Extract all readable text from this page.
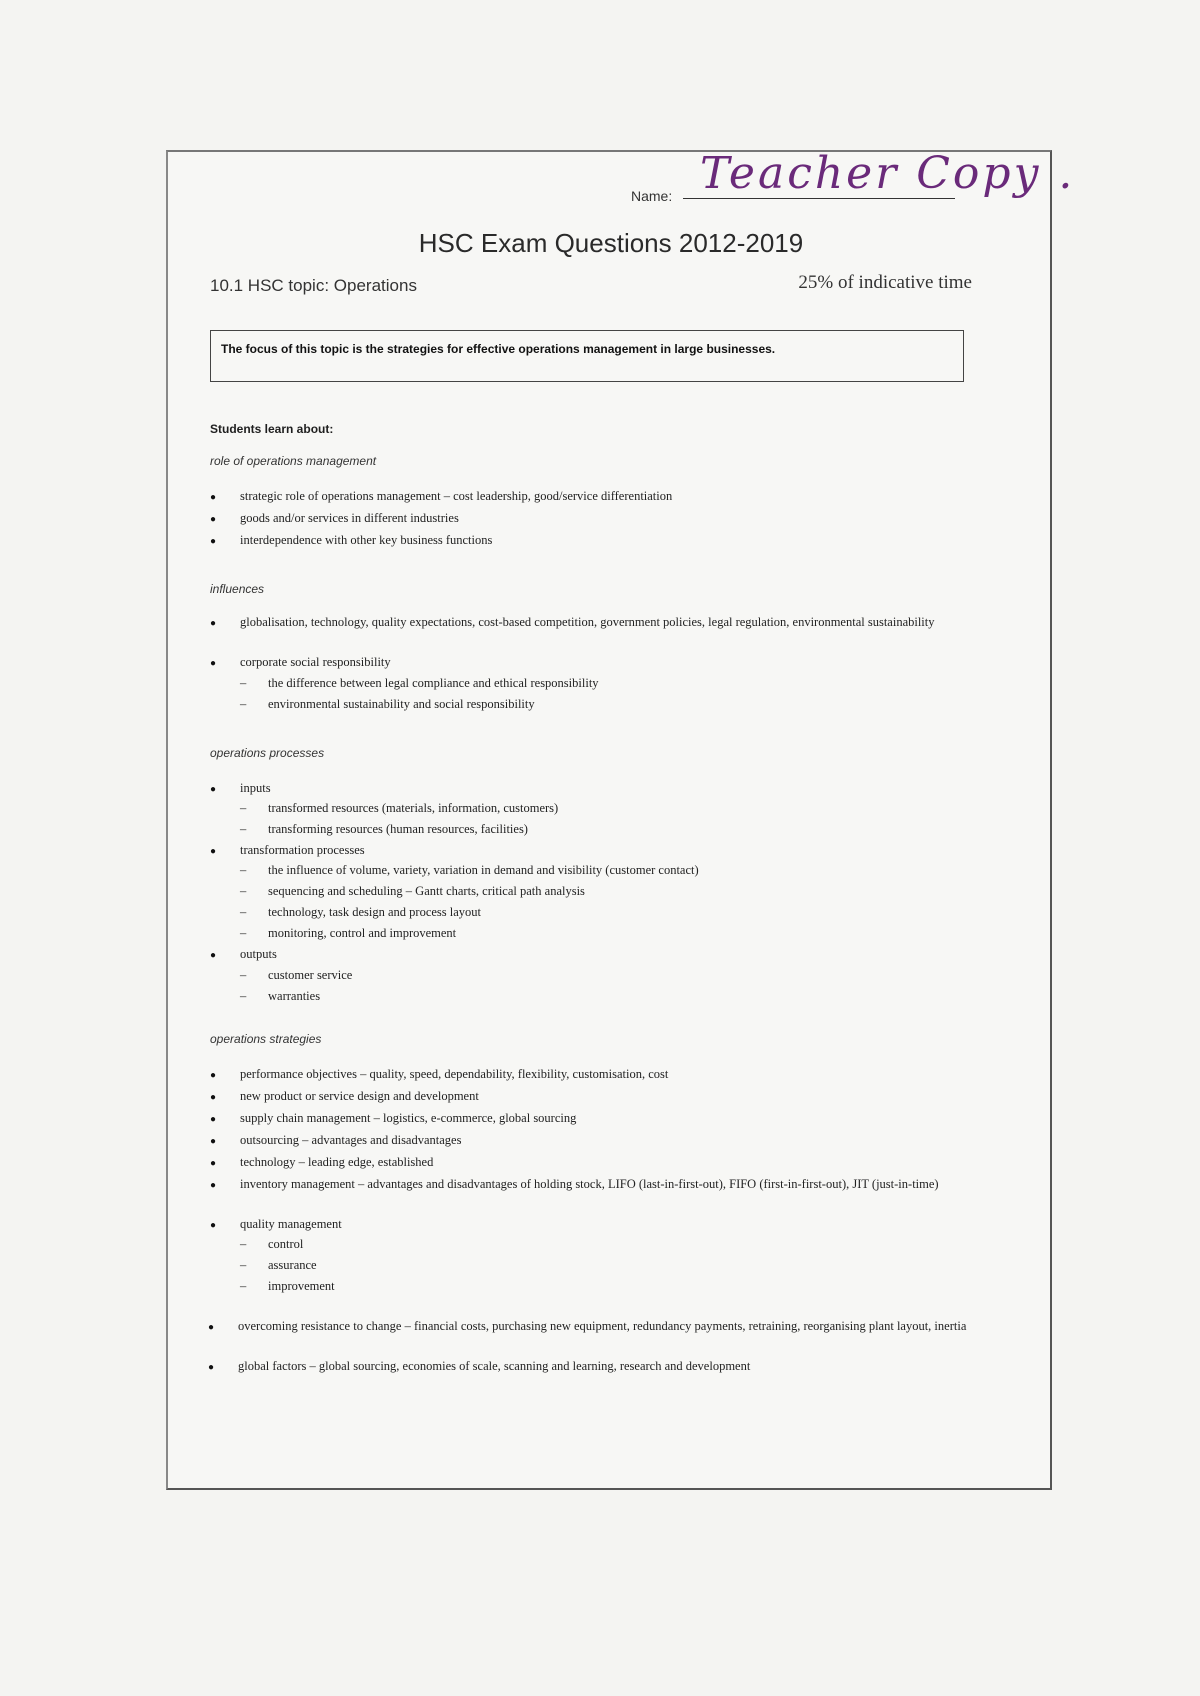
Name: Teacher Copy .
HSC Exam Questions 2012-2019
10.1 HSC topic: Operations	25% of indicative time
The focus of this topic is the strategies for effective operations management in large businesses.
Students learn about:
role of operations management
● strategic role of operations management – cost leadership, good/service differentiation
● goods and/or services in different industries
● interdependence with other key business functions
influences
● globalisation, technology, quality expectations, cost-based competition, government policies, legal regulation, environmental sustainability
● corporate social responsibility
– the difference between legal compliance and ethical responsibility
– environmental sustainability and social responsibility
operations processes
● inputs
– transformed resources (materials, information, customers)
– transforming resources (human resources, facilities)
● transformation processes
– the influence of volume, variety, variation in demand and visibility (customer contact)
– sequencing and scheduling – Gantt charts, critical path analysis
– technology, task design and process layout
– monitoring, control and improvement
● outputs
– customer service
– warranties
operations strategies
● performance objectives – quality, speed, dependability, flexibility, customisation, cost
● new product or service design and development
● supply chain management – logistics, e-commerce, global sourcing
● outsourcing – advantages and disadvantages
● technology – leading edge, established
● inventory management – advantages and disadvantages of holding stock, LIFO (last-in-first-out), FIFO (first-in-first-out), JIT (just-in-time)
● quality management
– control
– assurance
– improvement
● overcoming resistance to change – financial costs, purchasing new equipment, redundancy payments, retraining, reorganising plant layout, inertia
● global factors – global sourcing, economies of scale, scanning and learning, research and development
